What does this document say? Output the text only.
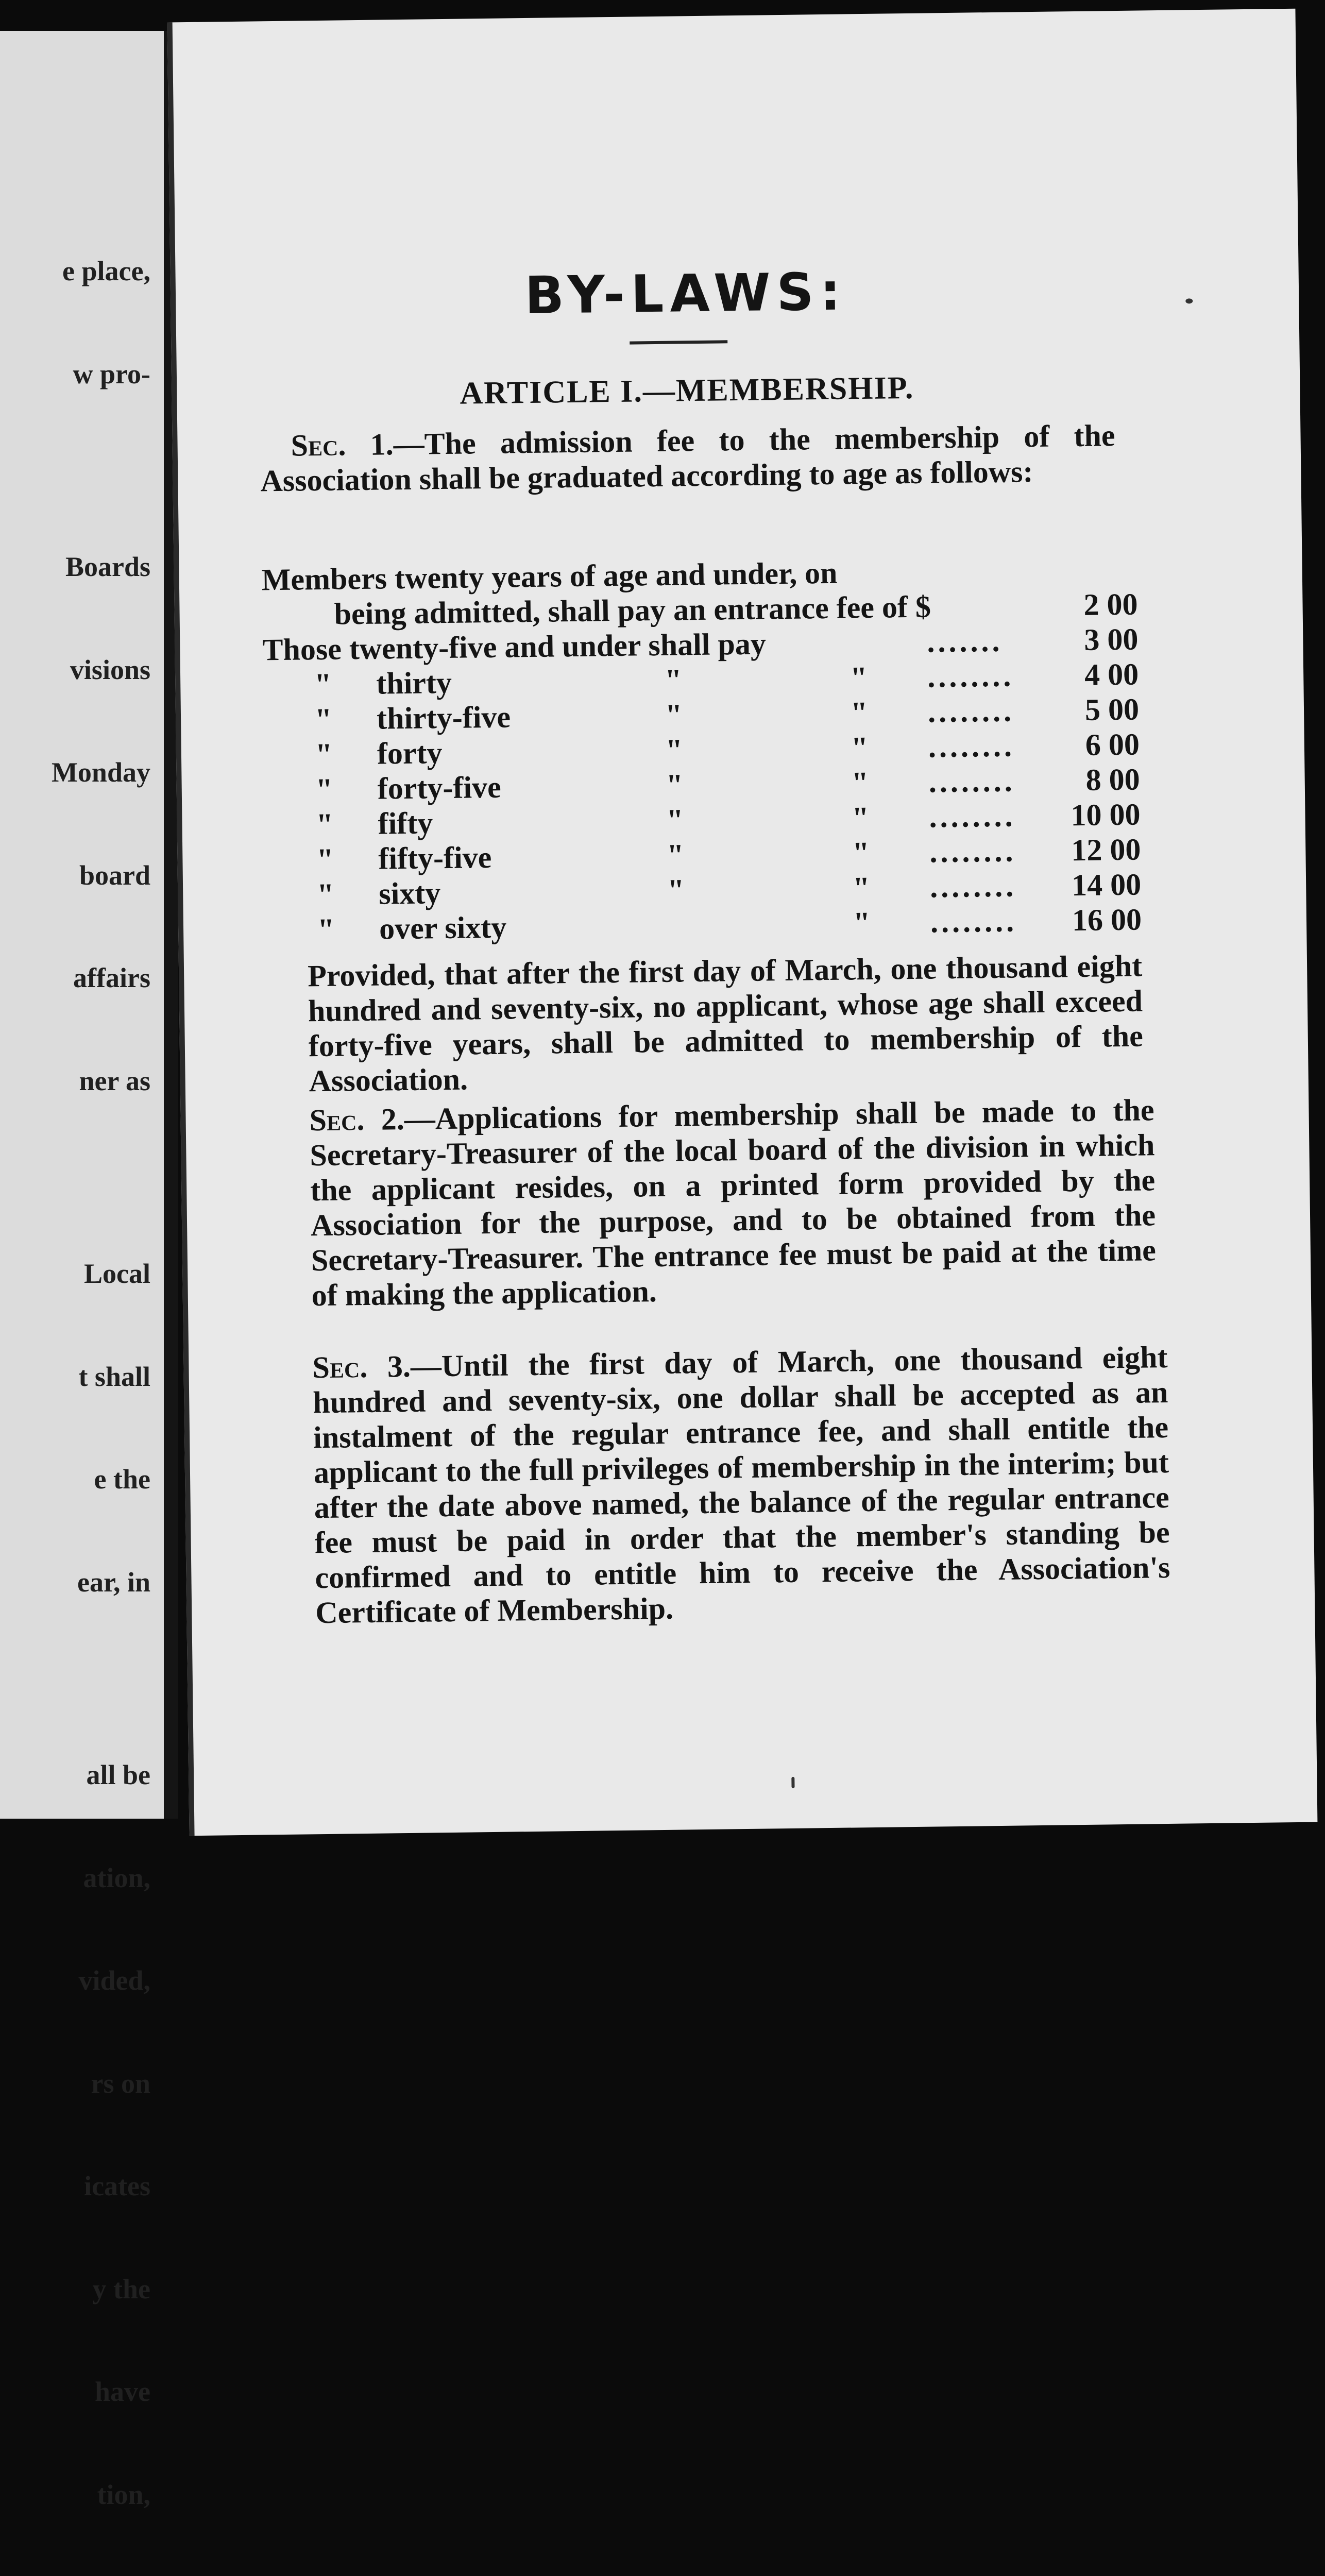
e place,

w pro-

Boards

visions

Monday

board

affairs

ner as

Local

t shall

e the

ear, in

all be

ation,

vided,

rs on

icates

y the

have

tion,

BY-LAWS:
ARTICLE I.—MEMBERSHIP.
Sec. 1.—The admission fee to the membership of the Association shall be graduated according to age as follows:
Members twenty years of age and under, on
being admitted, shall pay an entrance fee of $	2 00
Those twenty-five and under shall pay	.......	3 00
" thirty	"	" ........ 4 00
" thirty-five	"	" ........ 5 00
" forty	"	" ........ 6 00
" forty-five	"	" ........ 8 00
" fifty	"	" ........ 10 00
" fifty-five	"	" ........ 12 00
" sixty	"	" ........ 14 00
" over sixty	" ........ 16 00
Provided, that after the first day of March, one thousand eight hundred and seventy-six, no applicant, whose age shall exceed forty-five years, shall be admitted to membership of the Association.
Sec. 2.—Applications for membership shall be made to the Secretary-Treasurer of the local board of the division in which the applicant resides, on a printed form provided by the Association for the purpose, and to be obtained from the Secretary-Treasurer. The entrance fee must be paid at the time of making the application.
Sec. 3.—Until the first day of March, one thousand eight hundred and seventy-six, one dollar shall be accepted as an instalment of the regular entrance fee, and shall entitle the applicant to the full privileges of membership in the interim; but after the date above named, the balance of the regular entrance fee must be paid in order that the member's standing be confirmed and to entitle him to receive the Association's Certificate of Membership.
